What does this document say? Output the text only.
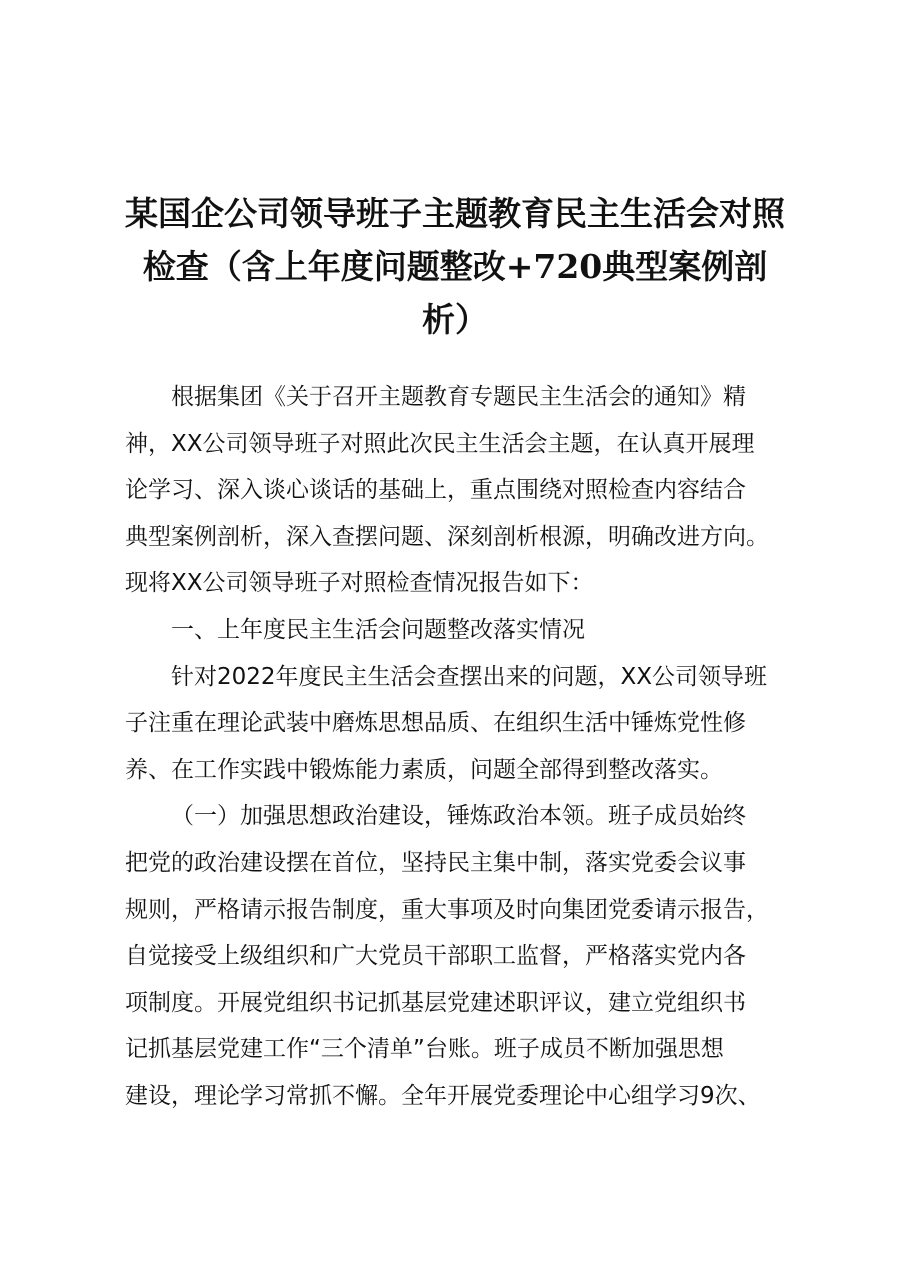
某国企公司领导班子主题教育民主生活会对照
检查（含上年度问题整改+720典型案例剖
析）
根据集团《关于召开主题教育专题民主生活会的通知》精
神，XX公司领导班子对照此次民主生活会主题，在认真开展理
论学习、深入谈心谈话的基础上，重点围绕对照检查内容结合
典型案例剖析，深入查摆问题、深刻剖析根源，明确改进方向。
现将XX公司领导班子对照检查情况报告如下：
一、上年度民主生活会问题整改落实情况
针对2022年度民主生活会查摆出来的问题，XX公司领导班
子注重在理论武装中磨炼思想品质、在组织生活中锤炼党性修
养、在工作实践中锻炼能力素质，问题全部得到整改落实。
（一）加强思想政治建设，锤炼政治本领。班子成员始终
把党的政治建设摆在首位，坚持民主集中制，落实党委会议事
规则，严格请示报告制度，重大事项及时向集团党委请示报告，
自觉接受上级组织和广大党员干部职工监督，严格落实党内各
项制度。开展党组织书记抓基层党建述职评议，建立党组织书
记抓基层党建工作“三个清单”台账。班子成员不断加强思想
建设，理论学习常抓不懈。全年开展党委理论中心组学习9次、
